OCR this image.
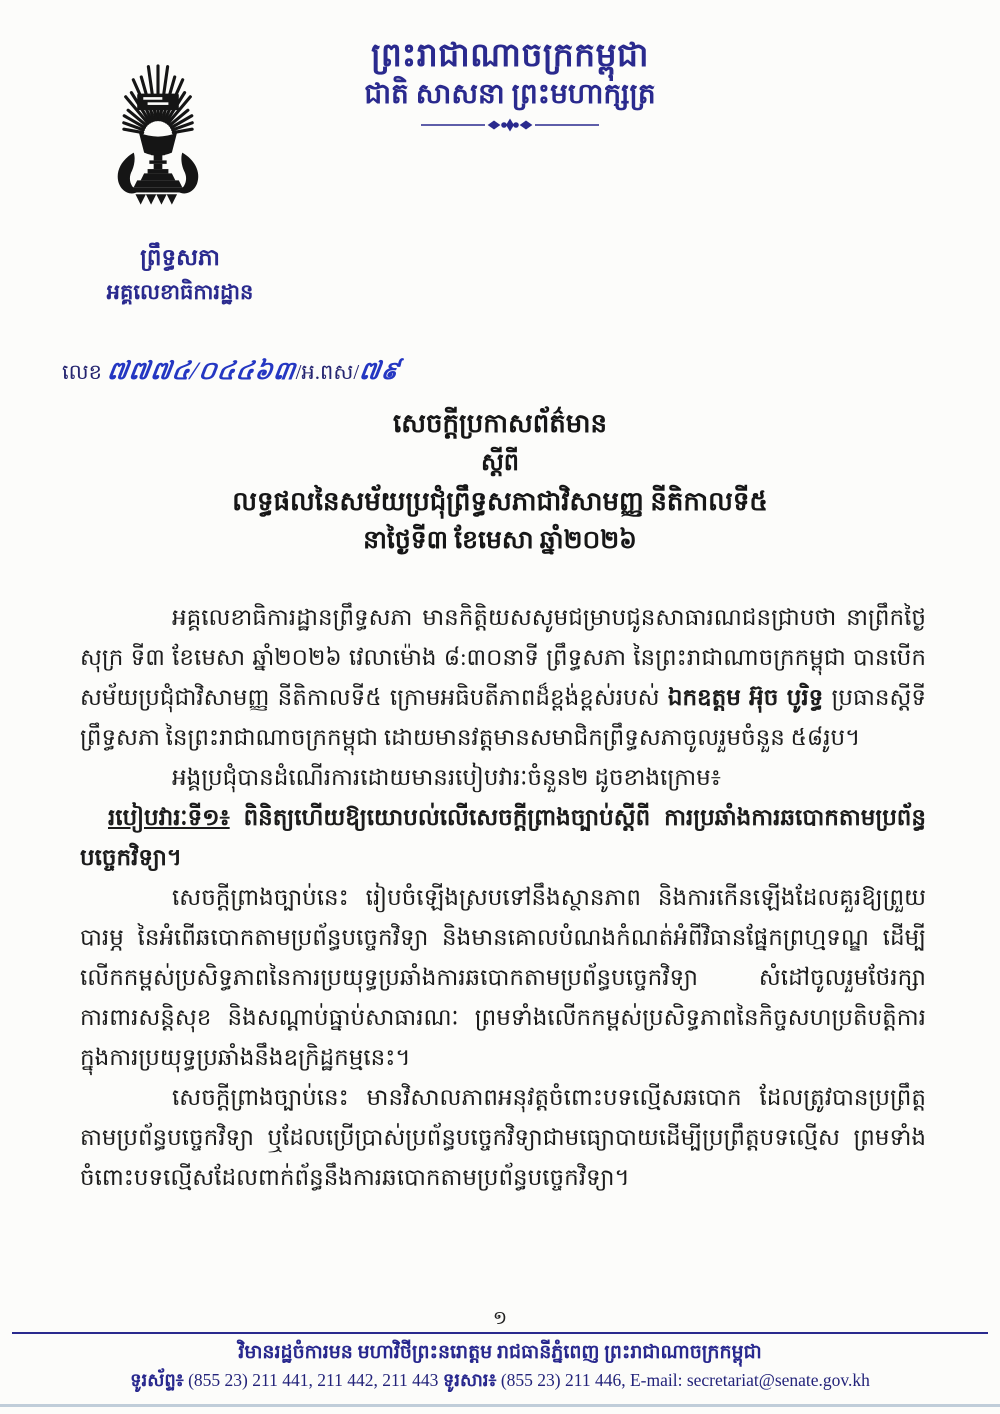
ព្រះរាជាណាចក្រកម្ពុជា
ជាតិ សាសនា ព្រះមហាក្សត្រ
ព្រឹទ្ធសភា
អគ្គលេខាធិការដ្ឋាន
លេខ ៧៧៧៤/០៤៤៦៣/អ.ពស/៧៩
សេចក្តីប្រកាសព័ត៌មាន
ស្តីពី
លទ្ធផលនៃសម័យប្រជុំព្រឹទ្ធសភាជាវិសាមញ្ញ នីតិកាលទី៥
នាថ្ងៃទី៣ ខែមេសា ឆ្នាំ២០២៦

អគ្គលេខាធិការដ្ឋានព្រឹទ្ធសភា មានកិត្តិយសសូមជម្រាបជូនសាធារណជនជ្រាបថា នាព្រឹកថ្ងៃសុក្រ ទី៣ ខែមេសា ឆ្នាំ២០២៦ វេលាម៉ោង ៨:៣០នាទី ព្រឹទ្ធសភា នៃព្រះរាជាណាចក្រកម្ពុជា បានបើកសម័យប្រជុំជាវិសាមញ្ញ នីតិកាលទី៥ ក្រោមអធិបតីភាពដ៏ខ្ពង់ខ្ពស់របស់ ឯកឧត្តម អ៊ុច បូរិទ្ធ ប្រធានស្តីទីព្រឹទ្ធសភា នៃព្រះរាជាណាចក្រកម្ពុជា ដោយមានវត្តមានសមាជិកព្រឹទ្ធសភាចូលរួមចំនួន ៥៨រូប។

អង្គប្រជុំបានដំណើរការដោយមានរបៀបវារៈចំនួន២ ដូចខាងក្រោម៖

របៀបវារៈទី១៖ ពិនិត្យហើយឱ្យយោបល់លើសេចក្តីព្រាងច្បាប់ស្តីពី ការប្រឆាំងការឆបោកតាមប្រព័ន្ធបច្ចេកវិទ្យា។

សេចក្តីព្រាងច្បាប់នេះ រៀបចំឡើងស្របទៅនឹងស្ថានភាព និងការកើនឡើងដែលគួរឱ្យព្រួយបារម្ភ នៃអំពើឆបោកតាមប្រព័ន្ធបច្ចេកវិទ្យា និងមានគោលបំណងកំណត់អំពីវិធានផ្នែកព្រហ្មទណ្ឌ ដើម្បីលើកកម្ពស់ប្រសិទ្ធភាពនៃការប្រយុទ្ធប្រឆាំងការឆបោកតាមប្រព័ន្ធបច្ចេកវិទ្យា សំដៅចូលរួមថែរក្សាការពារសន្តិសុខ និងសណ្តាប់ធ្នាប់សាធារណៈ ព្រមទាំងលើកកម្ពស់ប្រសិទ្ធភាពនៃកិច្ចសហប្រតិបត្តិការក្នុងការប្រយុទ្ធប្រឆាំងនឹងឧក្រិដ្ឋកម្មនេះ។

សេចក្តីព្រាងច្បាប់នេះ មានវិសាលភាពអនុវត្តចំពោះបទល្មើសឆបោក ដែលត្រូវបានប្រព្រឹត្តតាមប្រព័ន្ធបច្ចេកវិទ្យា ឬដែលប្រើប្រាស់ប្រព័ន្ធបច្ចេកវិទ្យាជាមធ្យោបាយដើម្បីប្រព្រឹត្តបទល្មើស ព្រមទាំងចំពោះបទល្មើសដែលពាក់ព័ន្ធនឹងការឆបោកតាមប្រព័ន្ធបច្ចេកវិទ្យា។

១
វិមានរដ្ឋចំការមន មហាវិថីព្រះនរោត្តម រាជធានីភ្នំពេញ ព្រះរាជាណាចក្រកម្ពុជា
ទូរស័ព្ទ៖ (855 23) 211 441, 211 442, 211 443 ទូរសារ៖ (855 23) 211 446, E-mail: secretariat@senate.gov.kh
